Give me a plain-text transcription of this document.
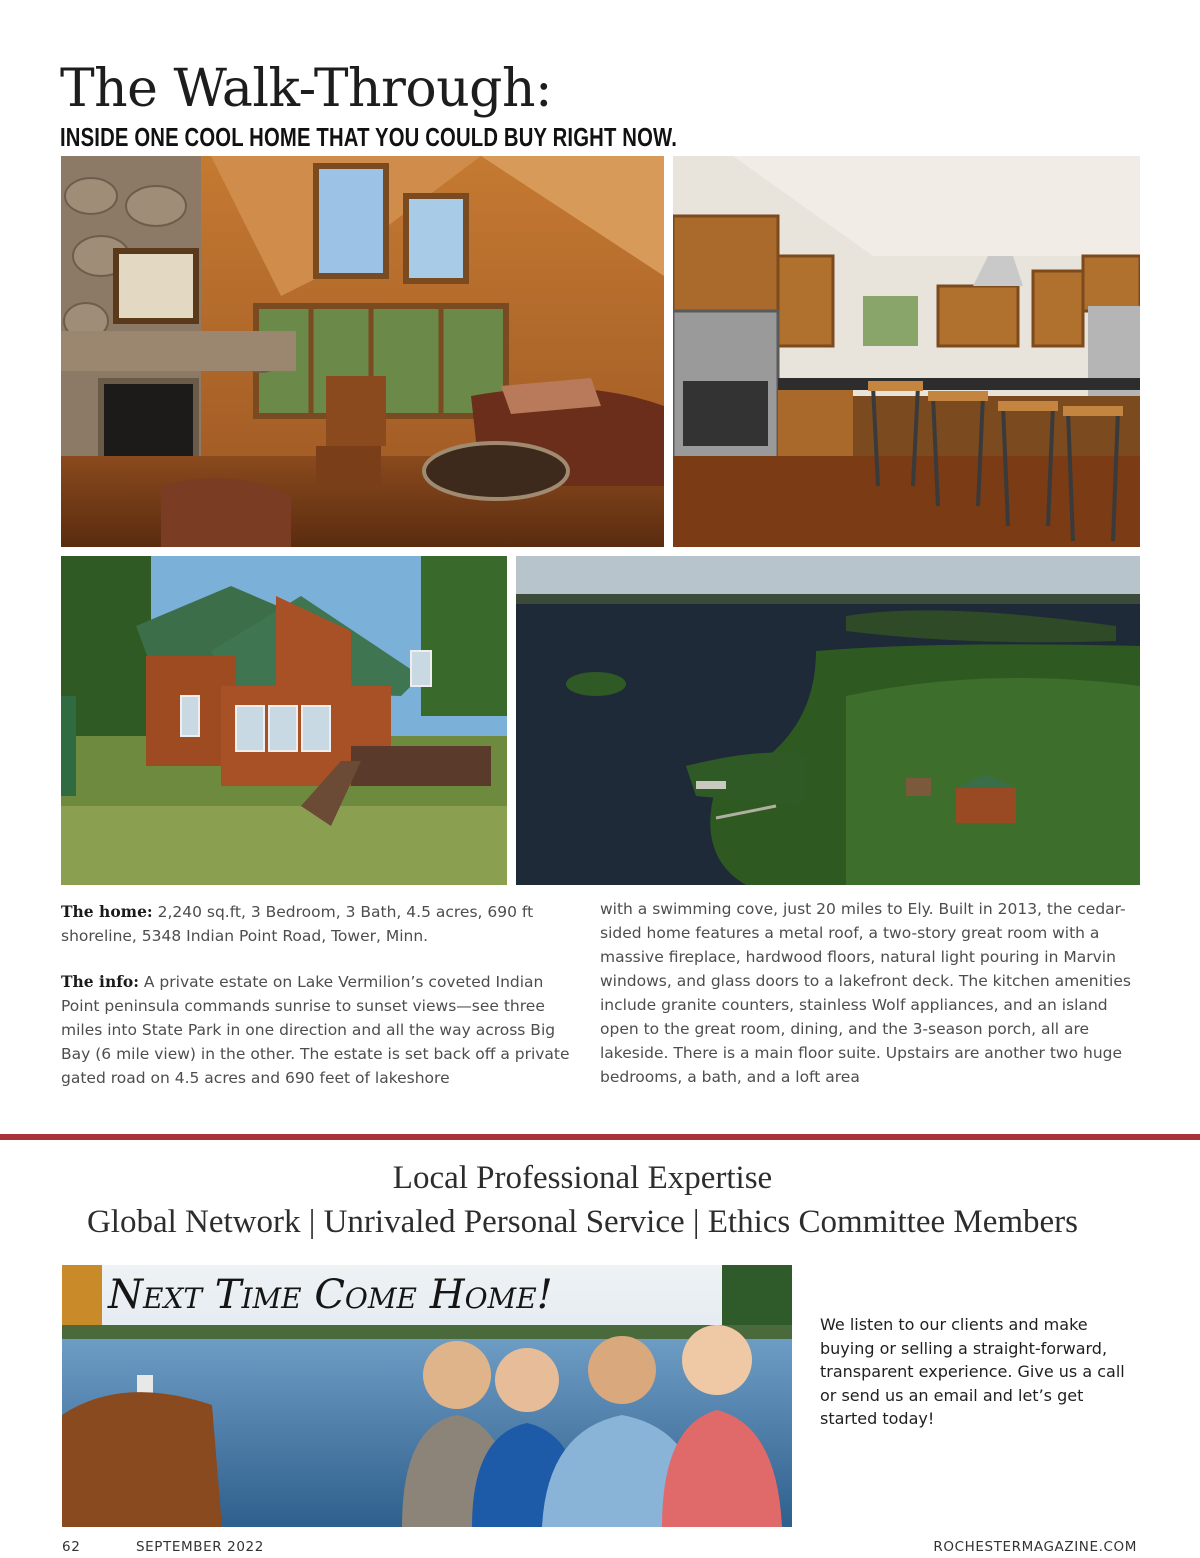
The Walk-Through:
INSIDE ONE COOL HOME THAT YOU COULD BUY RIGHT NOW.

The home: 2,240 sq.ft, 3 Bedroom, 3 Bath, 4.5 acres, 690 ft shoreline, 5348 Indian Point Road, Tower, Minn.

The info: A private estate on Lake Vermilion’s coveted Indian Point peninsula commands sunrise to sunset views—see three miles into State Park in one direction and all the way across Big Bay (6 mile view) in the other. The estate is set back off a private gated road on 4.5 acres and 690 feet of lakeshore

with a swimming cove, just 20 miles to Ely. Built in 2013, the cedar-sided home features a metal roof, a two-story great room with a massive fireplace, hardwood floors, natural light pouring in Marvin windows, and glass doors to a lakefront deck. The kitchen amenities include granite counters, stainless Wolf appliances, and an island open to the great room, dining, and the 3-season porch, all are lakeside. There is a main floor suite. Upstairs are another two huge bedrooms, a bath, and a loft area
Local Professional Expertise
Global Network | Unrivaled Personal Service | Ethics Committee Members
Next Time Come Home!
We listen to our clients and make buying or selling a straight-forward, transparent experience. Give us a call or send us an email and let’s get started today!
62	SEPTEMBER 2022	ROCHESTERMAGAZINE.COM
